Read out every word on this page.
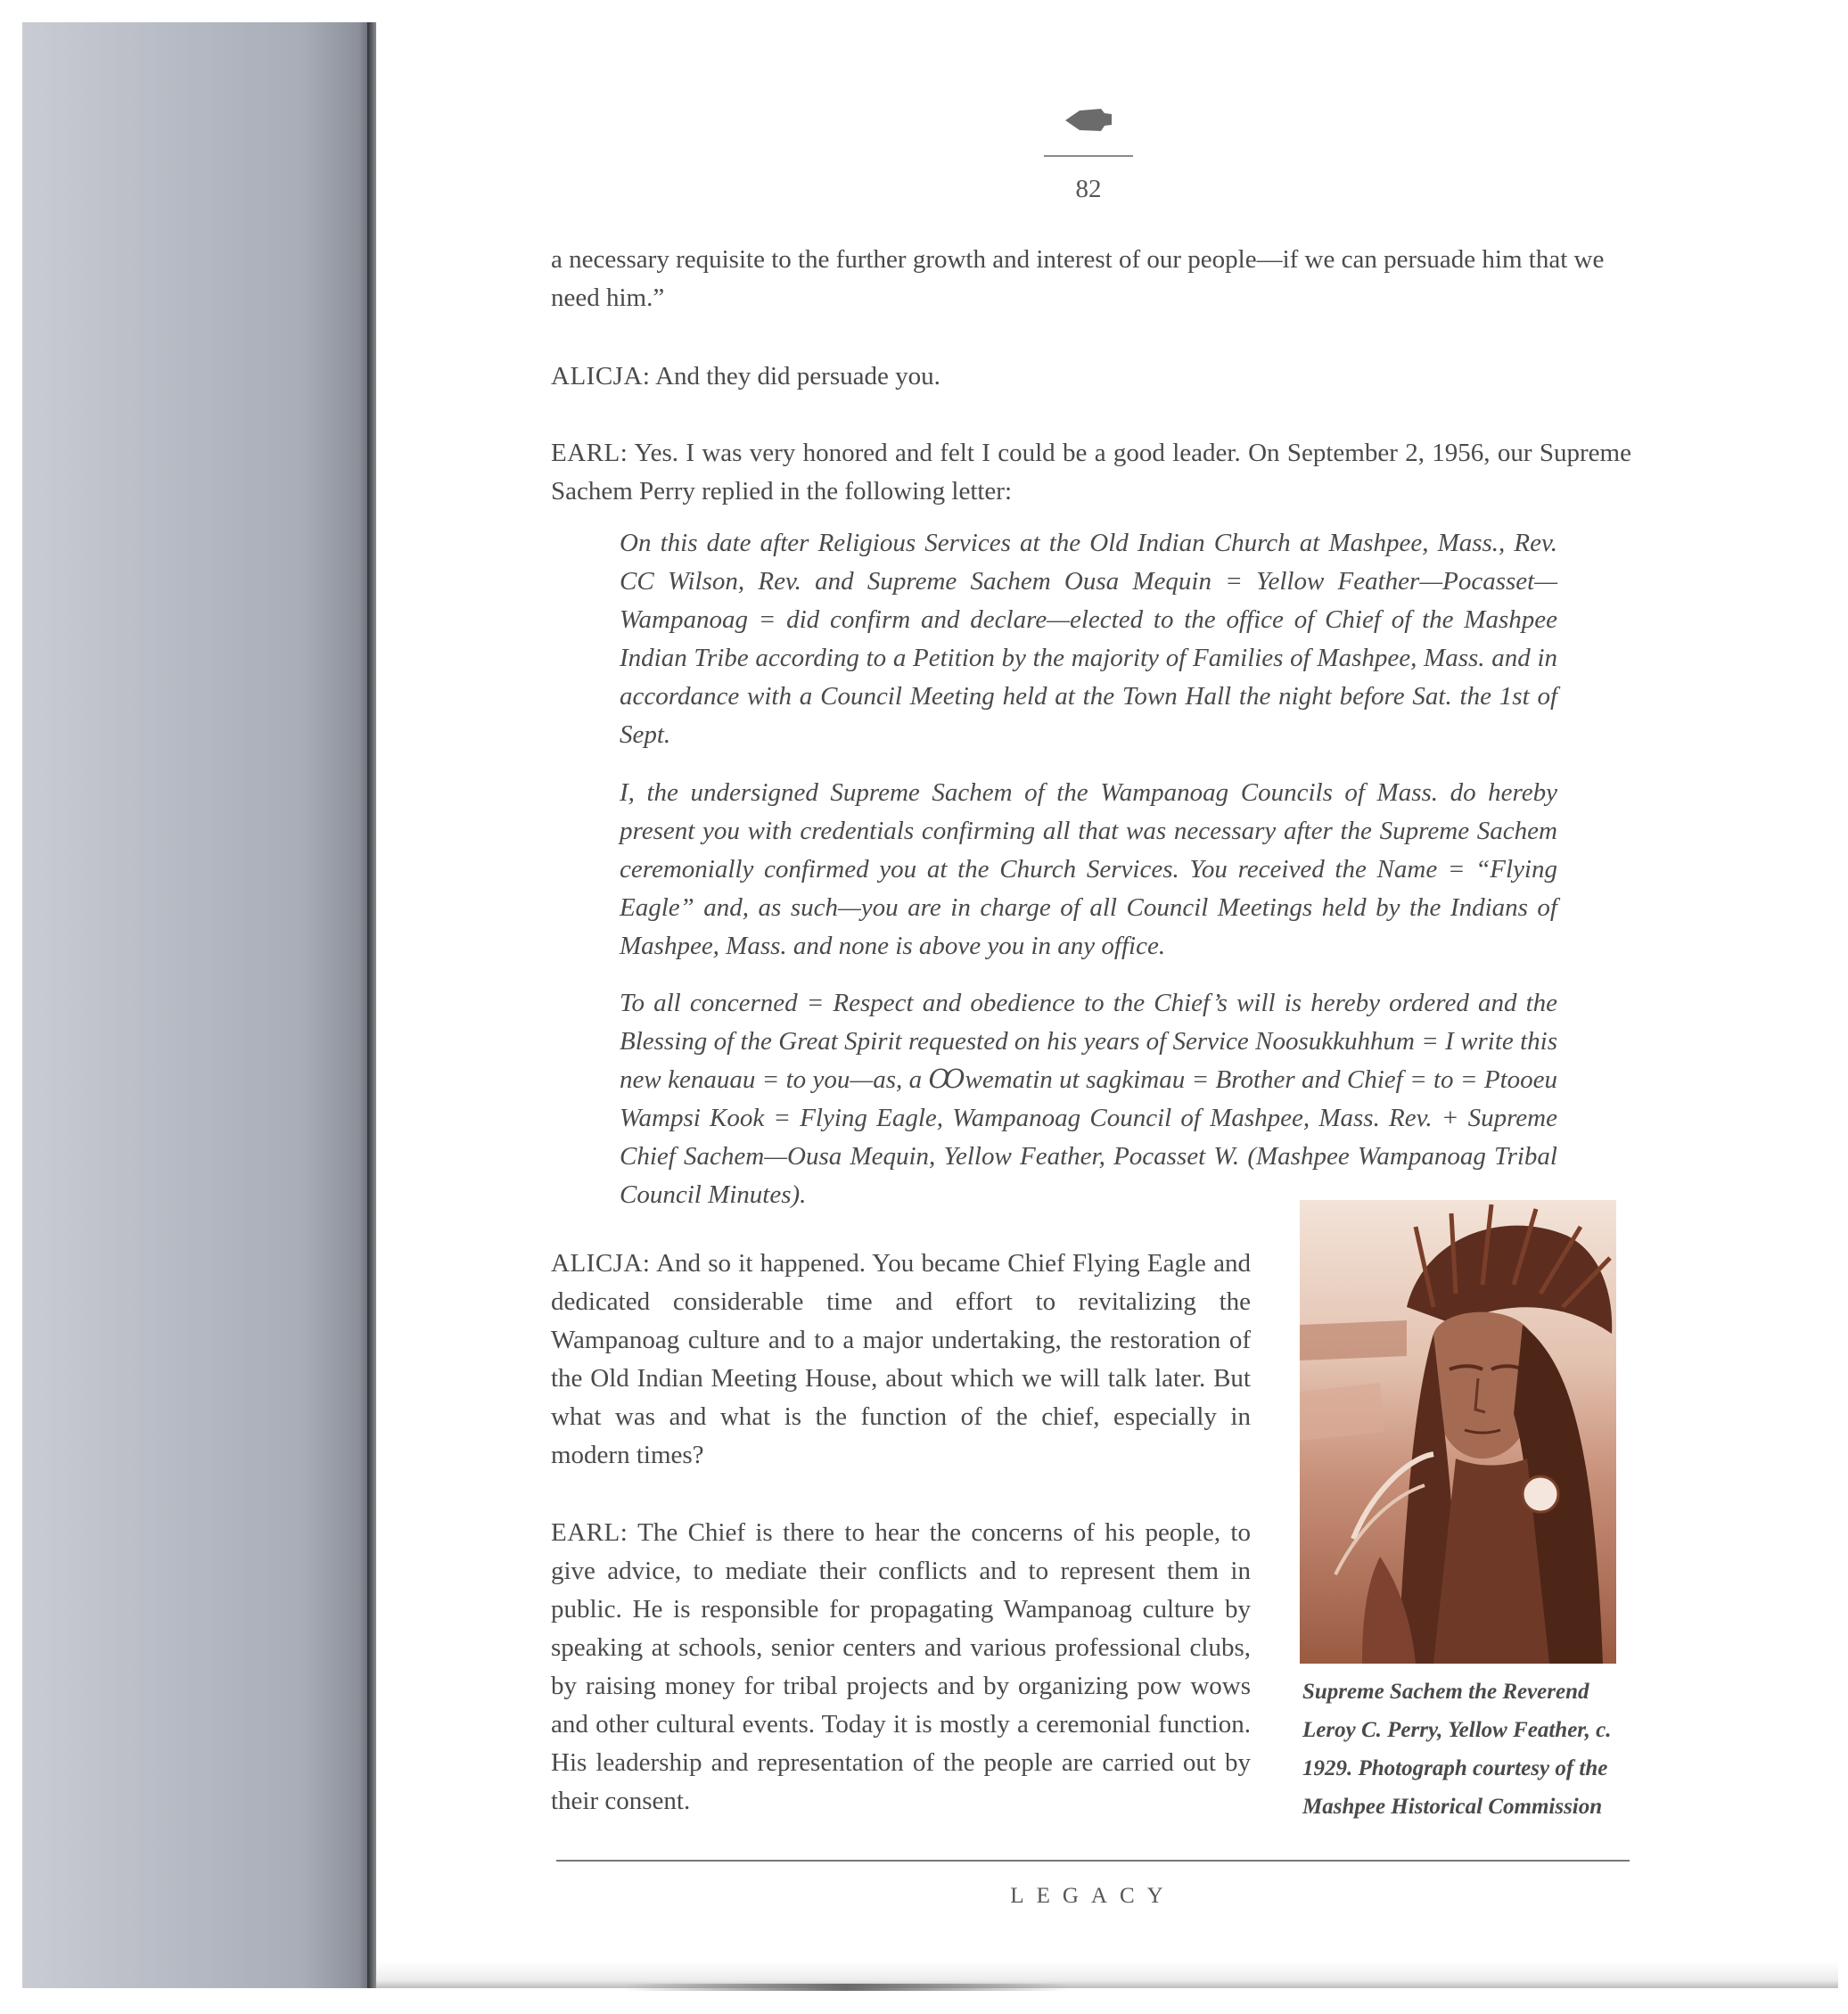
82

a necessary requisite to the further growth and interest of our people—if we can persuade him that we need him.”

ALICJA: And they did persuade you.

EARL: Yes. I was very honored and felt I could be a good leader. On September 2, 1956, our Supreme Sachem Perry replied in the following letter:

On this date after Religious Services at the Old Indian Church at Mashpee, Mass., Rev. CC Wilson, Rev. and Supreme Sachem Ousa Mequin = Yellow Feather—Pocasset—Wampanoag = did confirm and declare—elected to the office of Chief of the Mashpee Indian Tribe according to a Petition by the majority of Families of Mashpee, Mass. and in accordance with a Council Meeting held at the Town Hall the night before Sat. the 1st of Sept.

I, the undersigned Supreme Sachem of the Wampanoag Councils of Mass. do hereby present you with credentials confirming all that was necessary after the Supreme Sachem ceremonially confirmed you at the Church Services. You received the Name = “Flying Eagle” and, as such—you are in charge of all Council Meetings held by the Indians of Mashpee, Mass. and none is above you in any office.

To all concerned = Respect and obedience to the Chief’s will is hereby ordered and the Blessing of the Great Spirit requested on his years of Service Noosukkuhhum = I write this new kenauau = to you—as, a Ꝏwematin ut sagkimau = Brother and Chief = to = Ptooeu Wampsi Kook = Flying Eagle, Wampanoag Council of Mashpee, Mass. Rev. + Supreme Chief Sachem—Ousa Mequin, Yellow Feather, Pocasset W. (Mashpee Wampanoag Tribal Council Minutes).

ALICJA: And so it happened. You became Chief Flying Eagle and dedicated considerable time and effort to revitalizing the Wampanoag culture and to a major undertaking, the restoration of the Old Indian Meeting House, about which we will talk later. But what was and what is the function of the chief, especially in modern times?

EARL: The Chief is there to hear the concerns of his people, to give advice, to mediate their conflicts and to represent them in public. He is responsible for propagating Wampanoag culture by speaking at schools, senior centers and various professional clubs, by raising money for tribal projects and by organizing pow wows and other cultural events. Today it is mostly a ceremonial function. His leadership and representation of the people are carried out by their consent.

Supreme Sachem the Reverend Leroy C. Perry, Yellow Feather, c. 1929. Photograph courtesy of the Mashpee Historical Commission

LEGACY
